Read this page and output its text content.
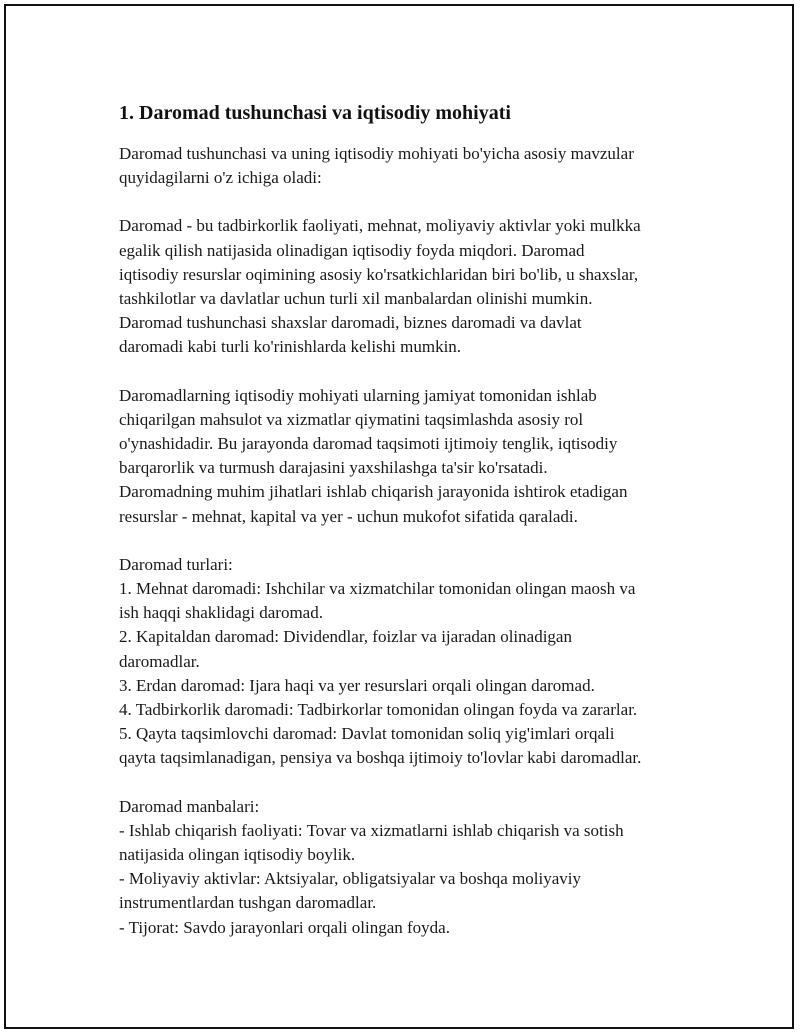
1. Daromad tushunchasi va iqtisodiy mohiyati
Daromad tushunchasi va uning iqtisodiy mohiyati bo'yicha asosiy mavzular
quyidagilarni o'z ichiga oladi:
Daromad - bu tadbirkorlik faoliyati, mehnat, moliyaviy aktivlar yoki mulkka
egalik qilish natijasida olinadigan iqtisodiy foyda miqdori. Daromad
iqtisodiy resurslar oqimining asosiy ko'rsatkichlaridan biri bo'lib, u shaxslar,
tashkilotlar va davlatlar uchun turli xil manbalardan olinishi mumkin.
Daromad tushunchasi shaxslar daromadi, biznes daromadi va davlat
daromadi kabi turli ko'rinishlarda kelishi mumkin.
Daromadlarning iqtisodiy mohiyati ularning jamiyat tomonidan ishlab
chiqarilgan mahsulot va xizmatlar qiymatini taqsimlashda asosiy rol
o'ynashidadir. Bu jarayonda daromad taqsimoti ijtimoiy tenglik, iqtisodiy
barqarorlik va turmush darajasini yaxshilashga ta'sir ko'rsatadi.
Daromadning muhim jihatlari ishlab chiqarish jarayonida ishtirok etadigan
resurslar - mehnat, kapital va yer - uchun mukofot sifatida qaraladi.
Daromad turlari:
1. Mehnat daromadi: Ishchilar va xizmatchilar tomonidan olingan maosh va
ish haqqi shaklidagi daromad.
2. Kapitaldan daromad: Dividendlar, foizlar va ijaradan olinadigan
daromadlar.
3. Erdan daromad: Ijara haqi va yer resurslari orqali olingan daromad.
4. Tadbirkorlik daromadi: Tadbirkorlar tomonidan olingan foyda va zararlar.
5. Qayta taqsimlovchi daromad: Davlat tomonidan soliq yig'imlari orqali
qayta taqsimlanadigan, pensiya va boshqa ijtimoiy to'lovlar kabi daromadlar.
Daromad manbalari:
- Ishlab chiqarish faoliyati: Tovar va xizmatlarni ishlab chiqarish va sotish
natijasida olingan iqtisodiy boylik.
- Moliyaviy aktivlar: Aktsiyalar, obligatsiyalar va boshqa moliyaviy
instrumentlardan tushgan daromadlar.
- Tijorat: Savdo jarayonlari orqali olingan foyda.
